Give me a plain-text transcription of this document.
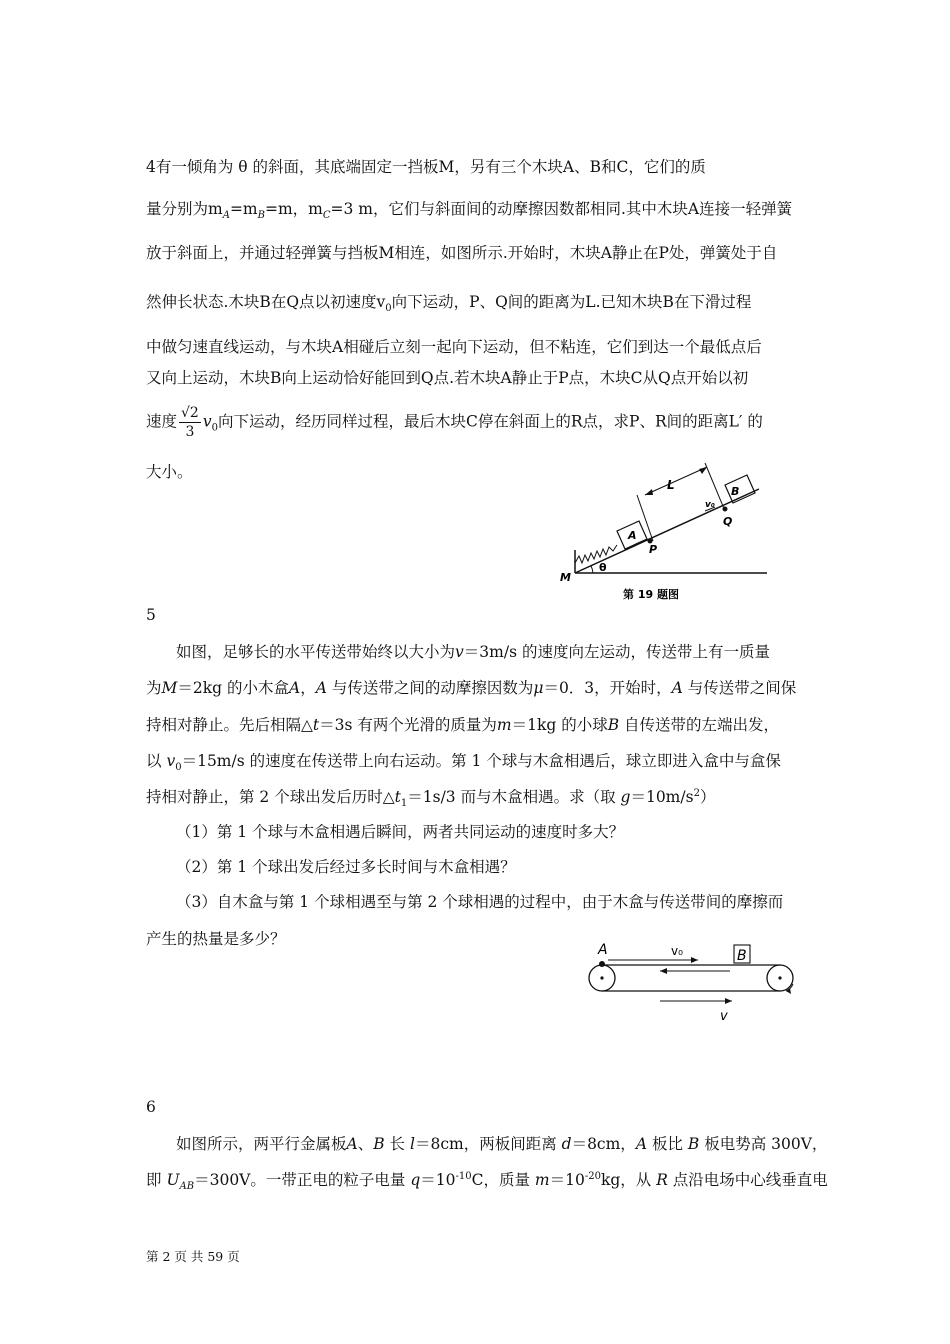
4有一倾角为 θ 的斜面，其底端固定一挡板M，另有三个木块A、B和C，它们的质
量分别为$m_A=m_B=m$，$m_C=3$ m，它们与斜面间的动摩擦因数都相同.其中木块A连接一轻弹簧
放于斜面上，并通过轻弹簧与挡板M相连，如图所示.开始时，木块A静止在P处，弹簧处于自
然伸长状态.木块B在Q点以初速度$v_0$向下运动，P、Q间的距离为L.已知木块B在下滑过程
中做匀速直线运动，与木块A相碰后立刻一起向下运动，但不粘连，它们到达一个最低点后
又向上运动，木块B向上运动恰好能回到Q点.若木块A静止于P点，木块C从Q点开始以初
速度 $\frac{√2}{3} v_0$向下运动，经历同样过程，最后木块C停在斜面上的R点，求P、R间的距离L′ 的
大小。
L	B
v₀
Q
A
P
M
θ
第 19 题图
5
如图，足够长的水平传送带始终以大小为v＝3m/s 的速度向左运动，传送带上有一质量
为M＝2kg 的小木盒A，A 与传送带之间的动摩擦因数为μ＝0．3，开始时，A 与传送带之间保
持相对静止。先后相隔△t＝3s 有两个光滑的质量为m＝1kg 的小球B 自传送带的左端出发，
以 $v_0=15m/s$ 的速度在传送带上向右运动。第 1 个球与木盒相遇后，球立即进入盒中与盒保
持相对静止，第 2 个球出发后历时$\triangle t_1=1s/3$ 而与木盒相遇。求（取 $g=10m/s^2$）
（1）第 1 个球与木盒相遇后瞬间，两者共同运动的速度时多大？
（2）第 1 个球出发后经过多长时间与木盒相遇？
（3）自木盒与第 1 个球相遇至与第 2 个球相遇的过程中，由于木盒与传送带间的摩擦而
产生的热量是多少？
A	v₀	B
v
6
如图所示，两平行金属板A、B 长 l＝8cm，两板间距离 d＝8cm，A 板比 B 板电势高 300V，
即 $U_{AB}=300V$。一带正电的粒子电量 $q=10^{-10}C$，质量 $m=10^{-20}kg$，从 R 点沿电场中心线垂直电
第 2 页 共 59 页
